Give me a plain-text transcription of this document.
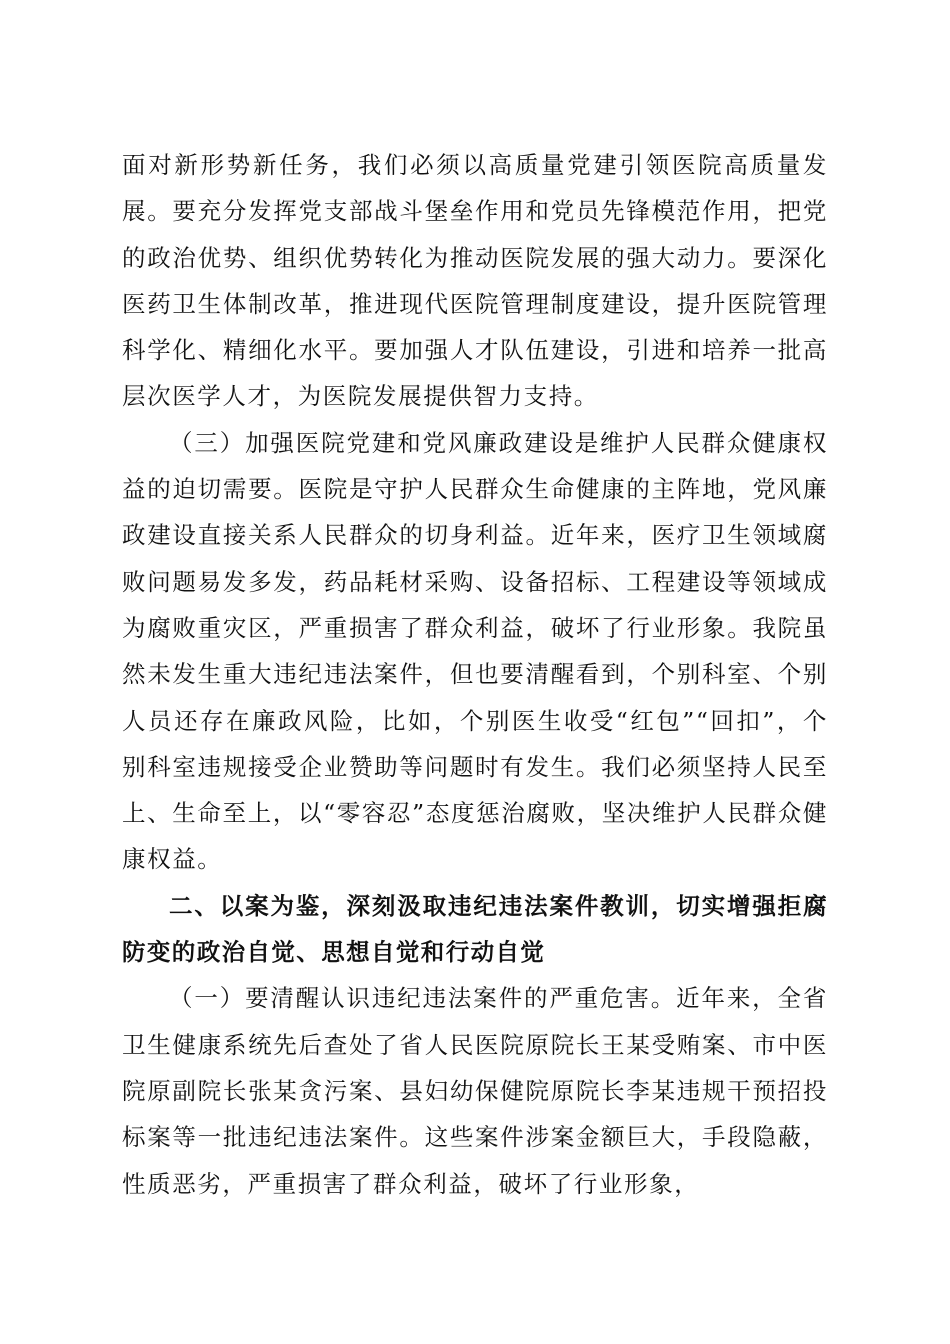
面对新形势新任务，我们必须以高质量党建引领医院高质量发展。要充分发挥党支部战斗堡垒作用和党员先锋模范作用，把党的政治优势、组织优势转化为推动医院发展的强大动力。要深化医药卫生体制改革，推进现代医院管理制度建设，提升医院管理科学化、精细化水平。要加强人才队伍建设，引进和培养一批高层次医学人才，为医院发展提供智力支持。

（三）加强医院党建和党风廉政建设是维护人民群众健康权益的迫切需要。医院是守护人民群众生命健康的主阵地，党风廉政建设直接关系人民群众的切身利益。近年来，医疗卫生领域腐败问题易发多发，药品耗材采购、设备招标、工程建设等领域成为腐败重灾区，严重损害了群众利益，破坏了行业形象。我院虽然未发生重大违纪违法案件，但也要清醒看到，个别科室、个别人员还存在廉政风险，比如，个别医生收受“红包”“回扣”，个别科室违规接受企业赞助等问题时有发生。我们必须坚持人民至上、生命至上，以“零容忍”态度惩治腐败，坚决维护人民群众健康权益。

二、以案为鉴，深刻汲取违纪违法案件教训，切实增强拒腐防变的政治自觉、思想自觉和行动自觉

（一）要清醒认识违纪违法案件的严重危害。近年来，全省卫生健康系统先后查处了省人民医院原院长王某受贿案、市中医院原副院长张某贪污案、县妇幼保健院原院长李某违规干预招投标案等一批违纪违法案件。这些案件涉案金额巨大，手段隐蔽，性质恶劣，严重损害了群众利益，破坏了行业形象，
